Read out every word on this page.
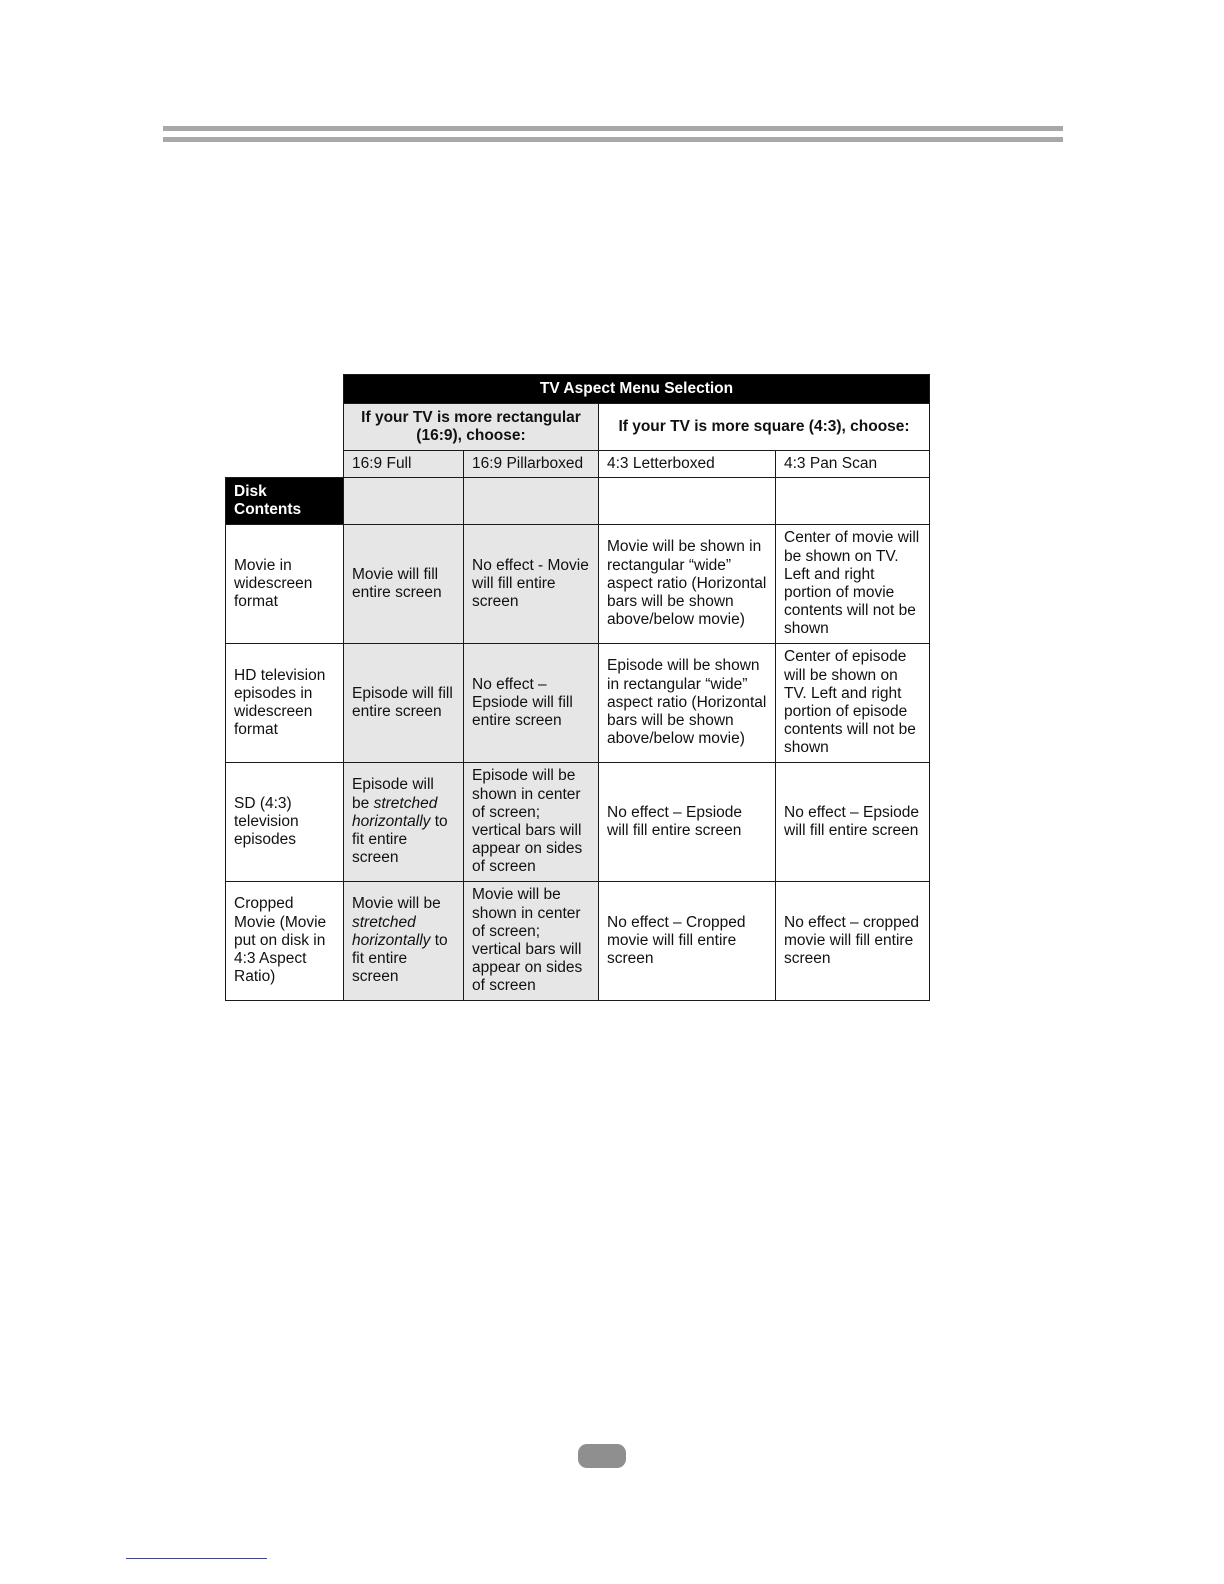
	TV Aspect Menu Selection			
	If your TV is more rectangular (16:9), choose:		If your TV is more square (4:3), choose:	
	16:9 Full	16:9 Pillarboxed	4:3 Letterboxed	4:3 Pan Scan
Disk Contents				
Movie in widescreen format	Movie will fill entire screen	No effect - Movie will fill entire screen	Movie will be shown in rectangular “wide” aspect ratio (Horizontal bars will be shown above/below movie)	Center of movie will be shown on TV. Left and right portion of movie contents will not be shown
HD television episodes in widescreen format	Episode will fill entire screen	No effect – Epsiode will fill entire screen	Episode will be shown in rectangular “wide” aspect ratio (Horizontal bars will be shown above/below movie)	Center of episode will be shown on TV. Left and right portion of episode contents will not be shown
SD (4:3) television episodes	Episode will be stretched horizontally to fit entire screen	Episode will be shown in center of screen; vertical bars will appear on sides of screen	No effect – Epsiode will fill entire screen	No effect – Epsiode will fill entire screen
Cropped Movie (Movie put on disk in 4:3 Aspect Ratio)	Movie will be stretched horizontally to fit entire screen	Movie will be shown in center of screen; vertical bars will appear on sides of screen	No effect – Cropped movie will fill entire screen	No effect – cropped movie will fill entire screen
